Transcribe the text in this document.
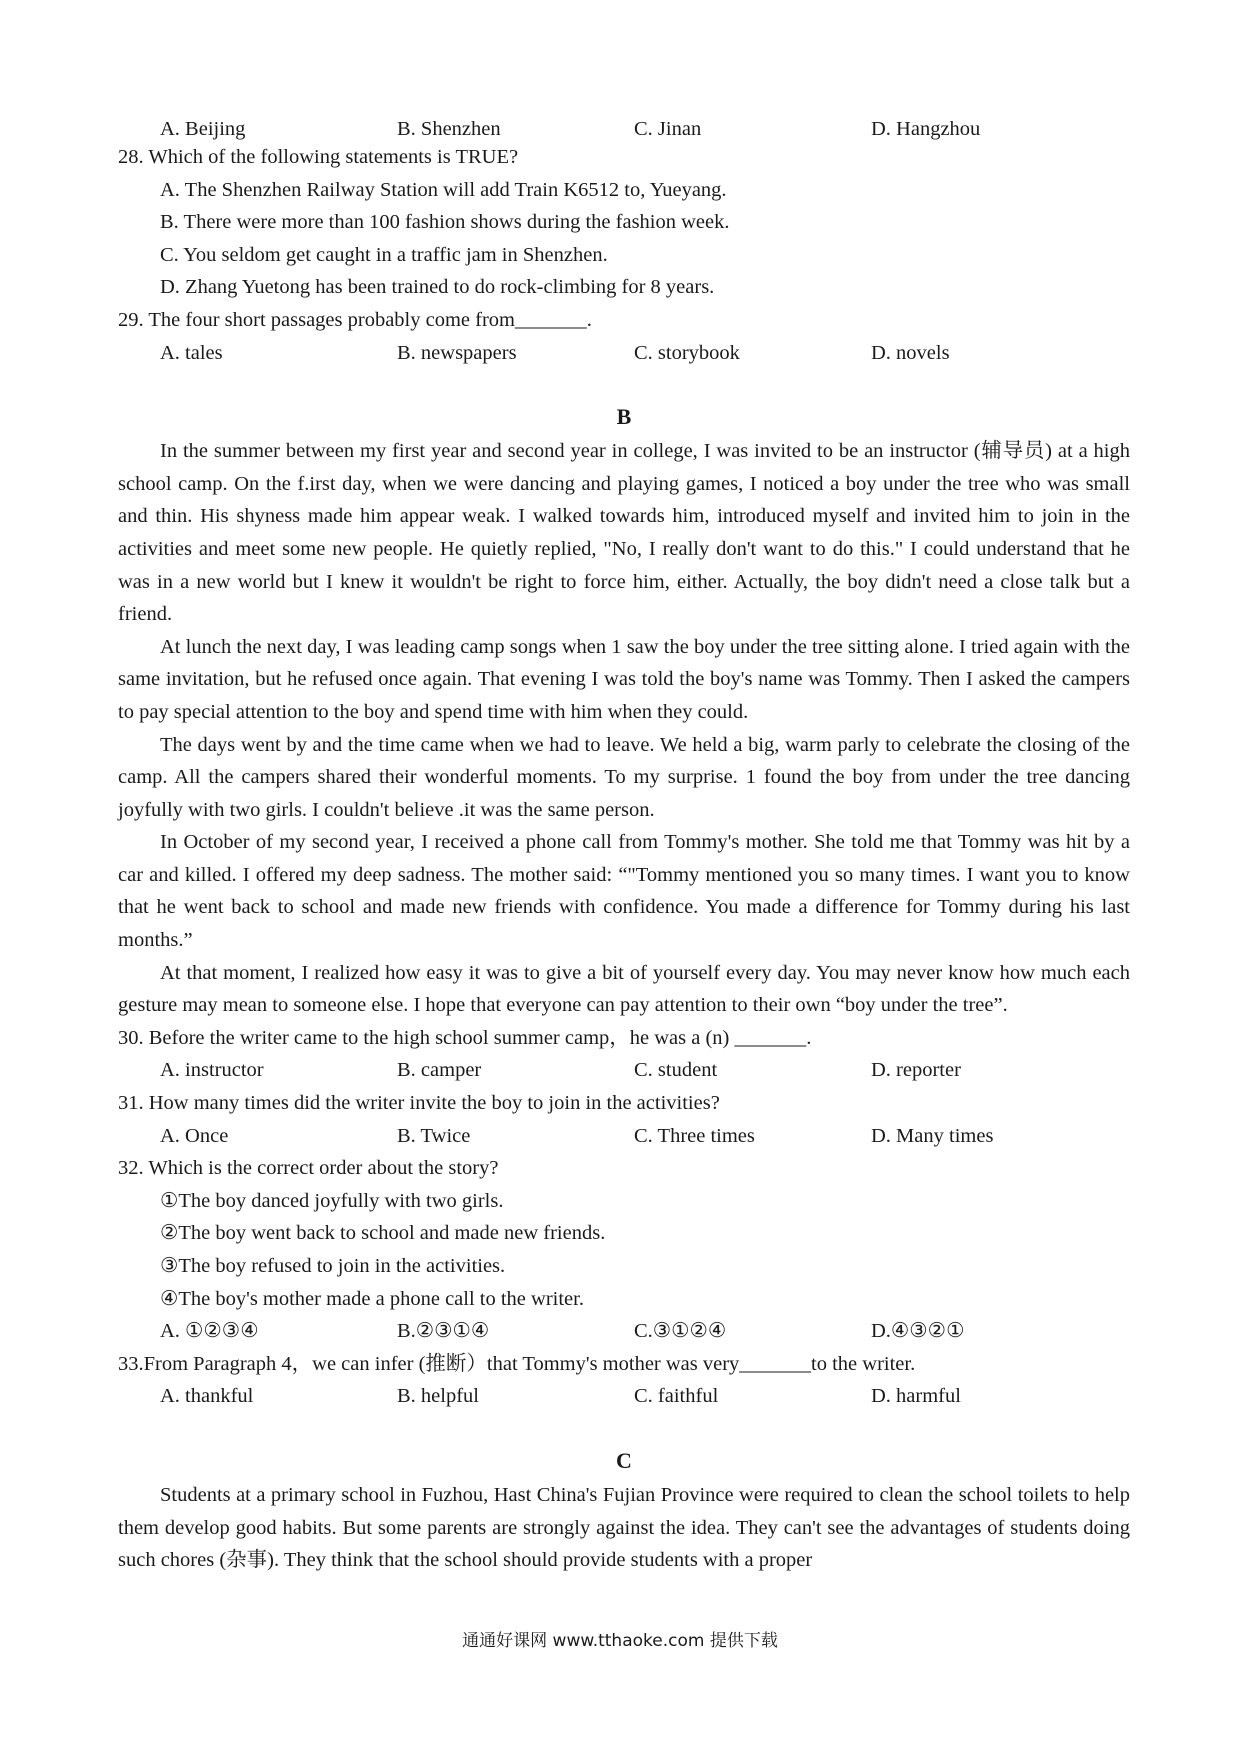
A. Beijing	B. Shenzhen	C. Jinan	D. Hangzhou
28. Which of the following statements is TRUE?
A. The Shenzhen Railway Station will add Train K6512 to, Yueyang.
B. There were more than 100 fashion shows during the fashion week.
C. You seldom get caught in a traffic jam in Shenzhen.
D. Zhang Yuetong has been trained to do rock-climbing for 8 years.
29. The four short passages probably come from_______.
A. tales	B. newspapers	C. storybook	D. novels
B

In the summer between my first year and second year in college, I was invited to be an instructor (辅导员) at a high school camp. On the f.irst day, when we were dancing and playing games, I noticed a boy under the tree who was small and thin. His shyness made him appear weak. I walked towards him, introduced myself and invited him to join in the activities and meet some new people. He quietly replied, "No, I really don't want to do this." I could understand that he was in a new world but I knew it wouldn't be right to force him, either. Actually, the boy didn't need a close talk but a friend.

At lunch the next day, I was leading camp songs when 1 saw the boy under the tree sitting alone. I tried again with the same invitation, but he refused once again. That evening I was told the boy's name was Tommy. Then I asked the campers to pay special attention to the boy and spend time with him when they could.

The days went by and the time came when we had to leave. We held a big, warm parly to celebrate the closing of the camp. All the campers shared their wonderful moments. To my surprise. 1 found the boy from under the tree dancing joyfully with two girls. I couldn't believe .it was the same person.

In October of my second year, I received a phone call from Tommy's mother. She told me that Tommy was hit by a car and killed. I offered my deep sadness. The mother said: “"Tommy mentioned you so many times. I want you to know that he went back to school and made new friends with confidence. You made a difference for Tommy during his last months.”

At that moment, I realized how easy it was to give a bit of yourself every day. You may never know how much each gesture may mean to someone else. I hope that everyone can pay attention to their own “boy under the tree”.

30. Before the writer came to the high school summer camp，he was a (n) _______.
A. instructor	B. camper	C. student	D. reporter
31. How many times did the writer invite the boy to join in the activities?
A. Once	B. Twice	C. Three times	D. Many times
32. Which is the correct order about the story?
①The boy danced joyfully with two girls.
②The boy went back to school and made new friends.
③The boy refused to join in the activities.
④The boy's mother made a phone call to the writer.
A. ①②③④	B.②③①④	C.③①②④	D.④③②①
33.From Paragraph 4，we can infer (推断）that Tommy's mother was very_______to the writer.
A. thankful	B. helpful	C. faithful	D. harmful
C

Students at a primary school in Fuzhou, Hast China's Fujian Province were required to clean the school toilets to help them develop good habits. But some parents are strongly against the idea. They can't see the advantages of students doing such chores (杂事). They think that the school should provide students with a proper

通通好课网 www.tthaoke.com 提供下载
